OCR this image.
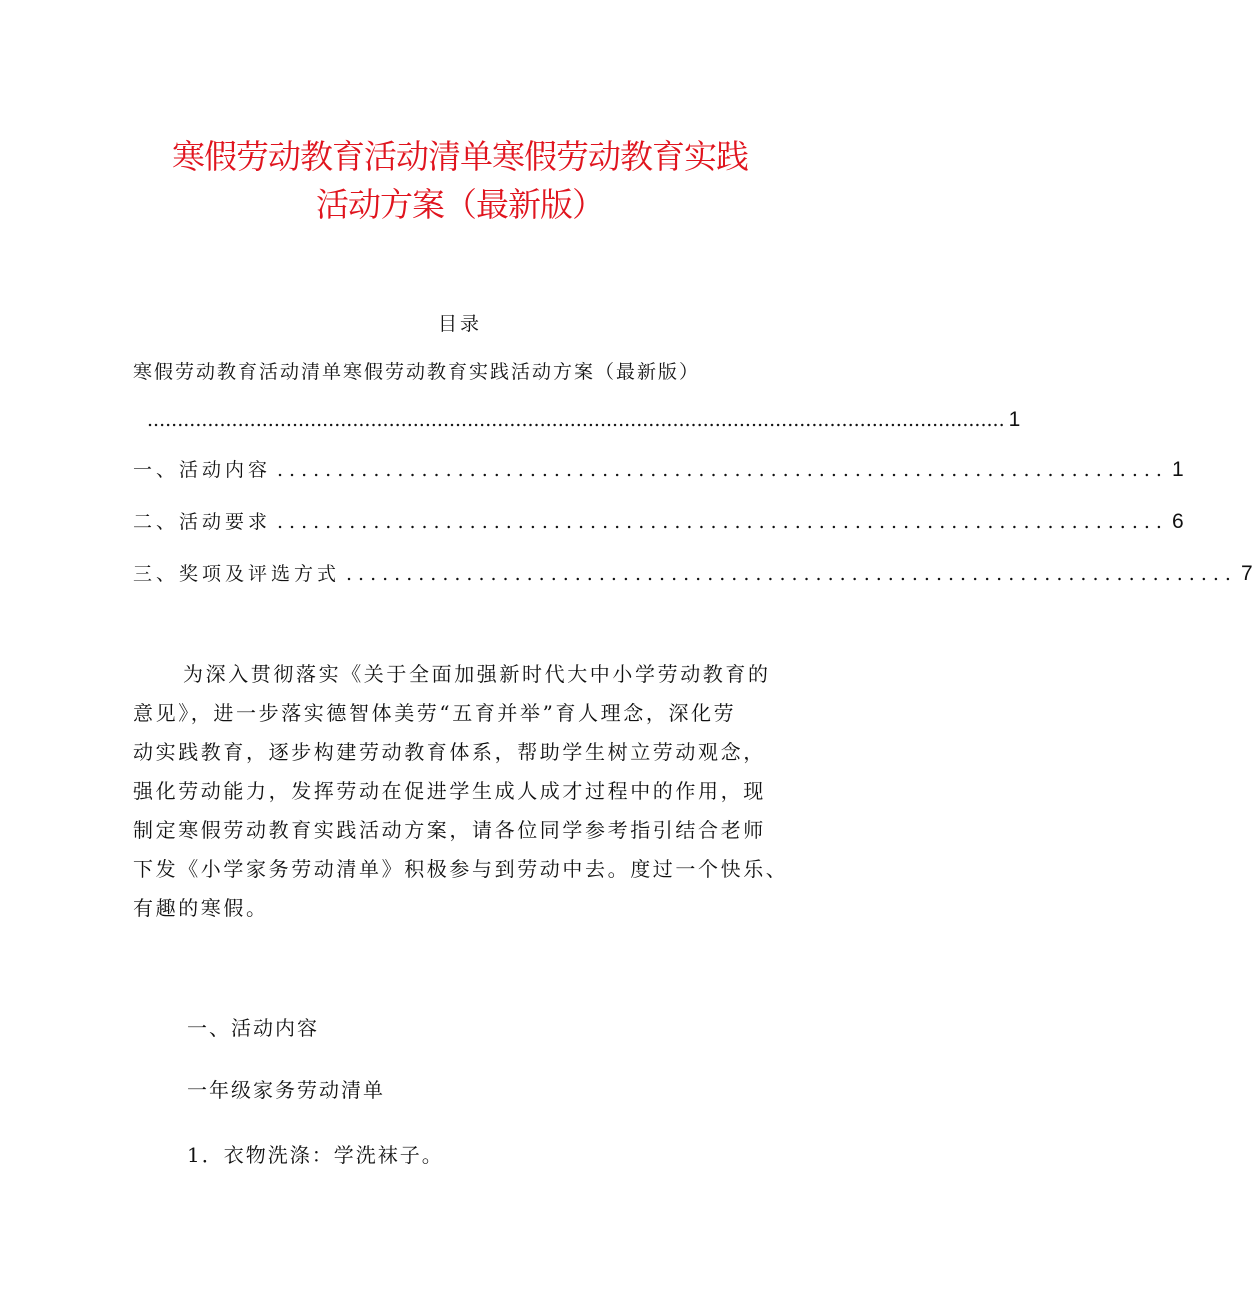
寒假劳动教育活动清单寒假劳动教育实践
活动方案（最新版）
目录
寒假劳动教育活动清单寒假劳动教育实践活动方案（最新版）
.............................................................................................................................................. 1
一、活动内容 .......................................................................... 1
二、活动要求 .......................................................................... 6
三、奖项及评选方式 .......................................................................... 7
为深入贯彻落实《关于全面加强新时代大中小学劳动教育的
意见》，进一步落实德智体美劳“五育并举”育人理念，深化劳
动实践教育，逐步构建劳动教育体系，帮助学生树立劳动观念，
强化劳动能力，发挥劳动在促进学生成人成才过程中的作用，现
制定寒假劳动教育实践活动方案，请各位同学参考指引结合老师
下发《小学家务劳动清单》积极参与到劳动中去。度过一个快乐、
有趣的寒假。
一、活动内容
一年级家务劳动清单
1．衣物洗涤：学洗袜子。
